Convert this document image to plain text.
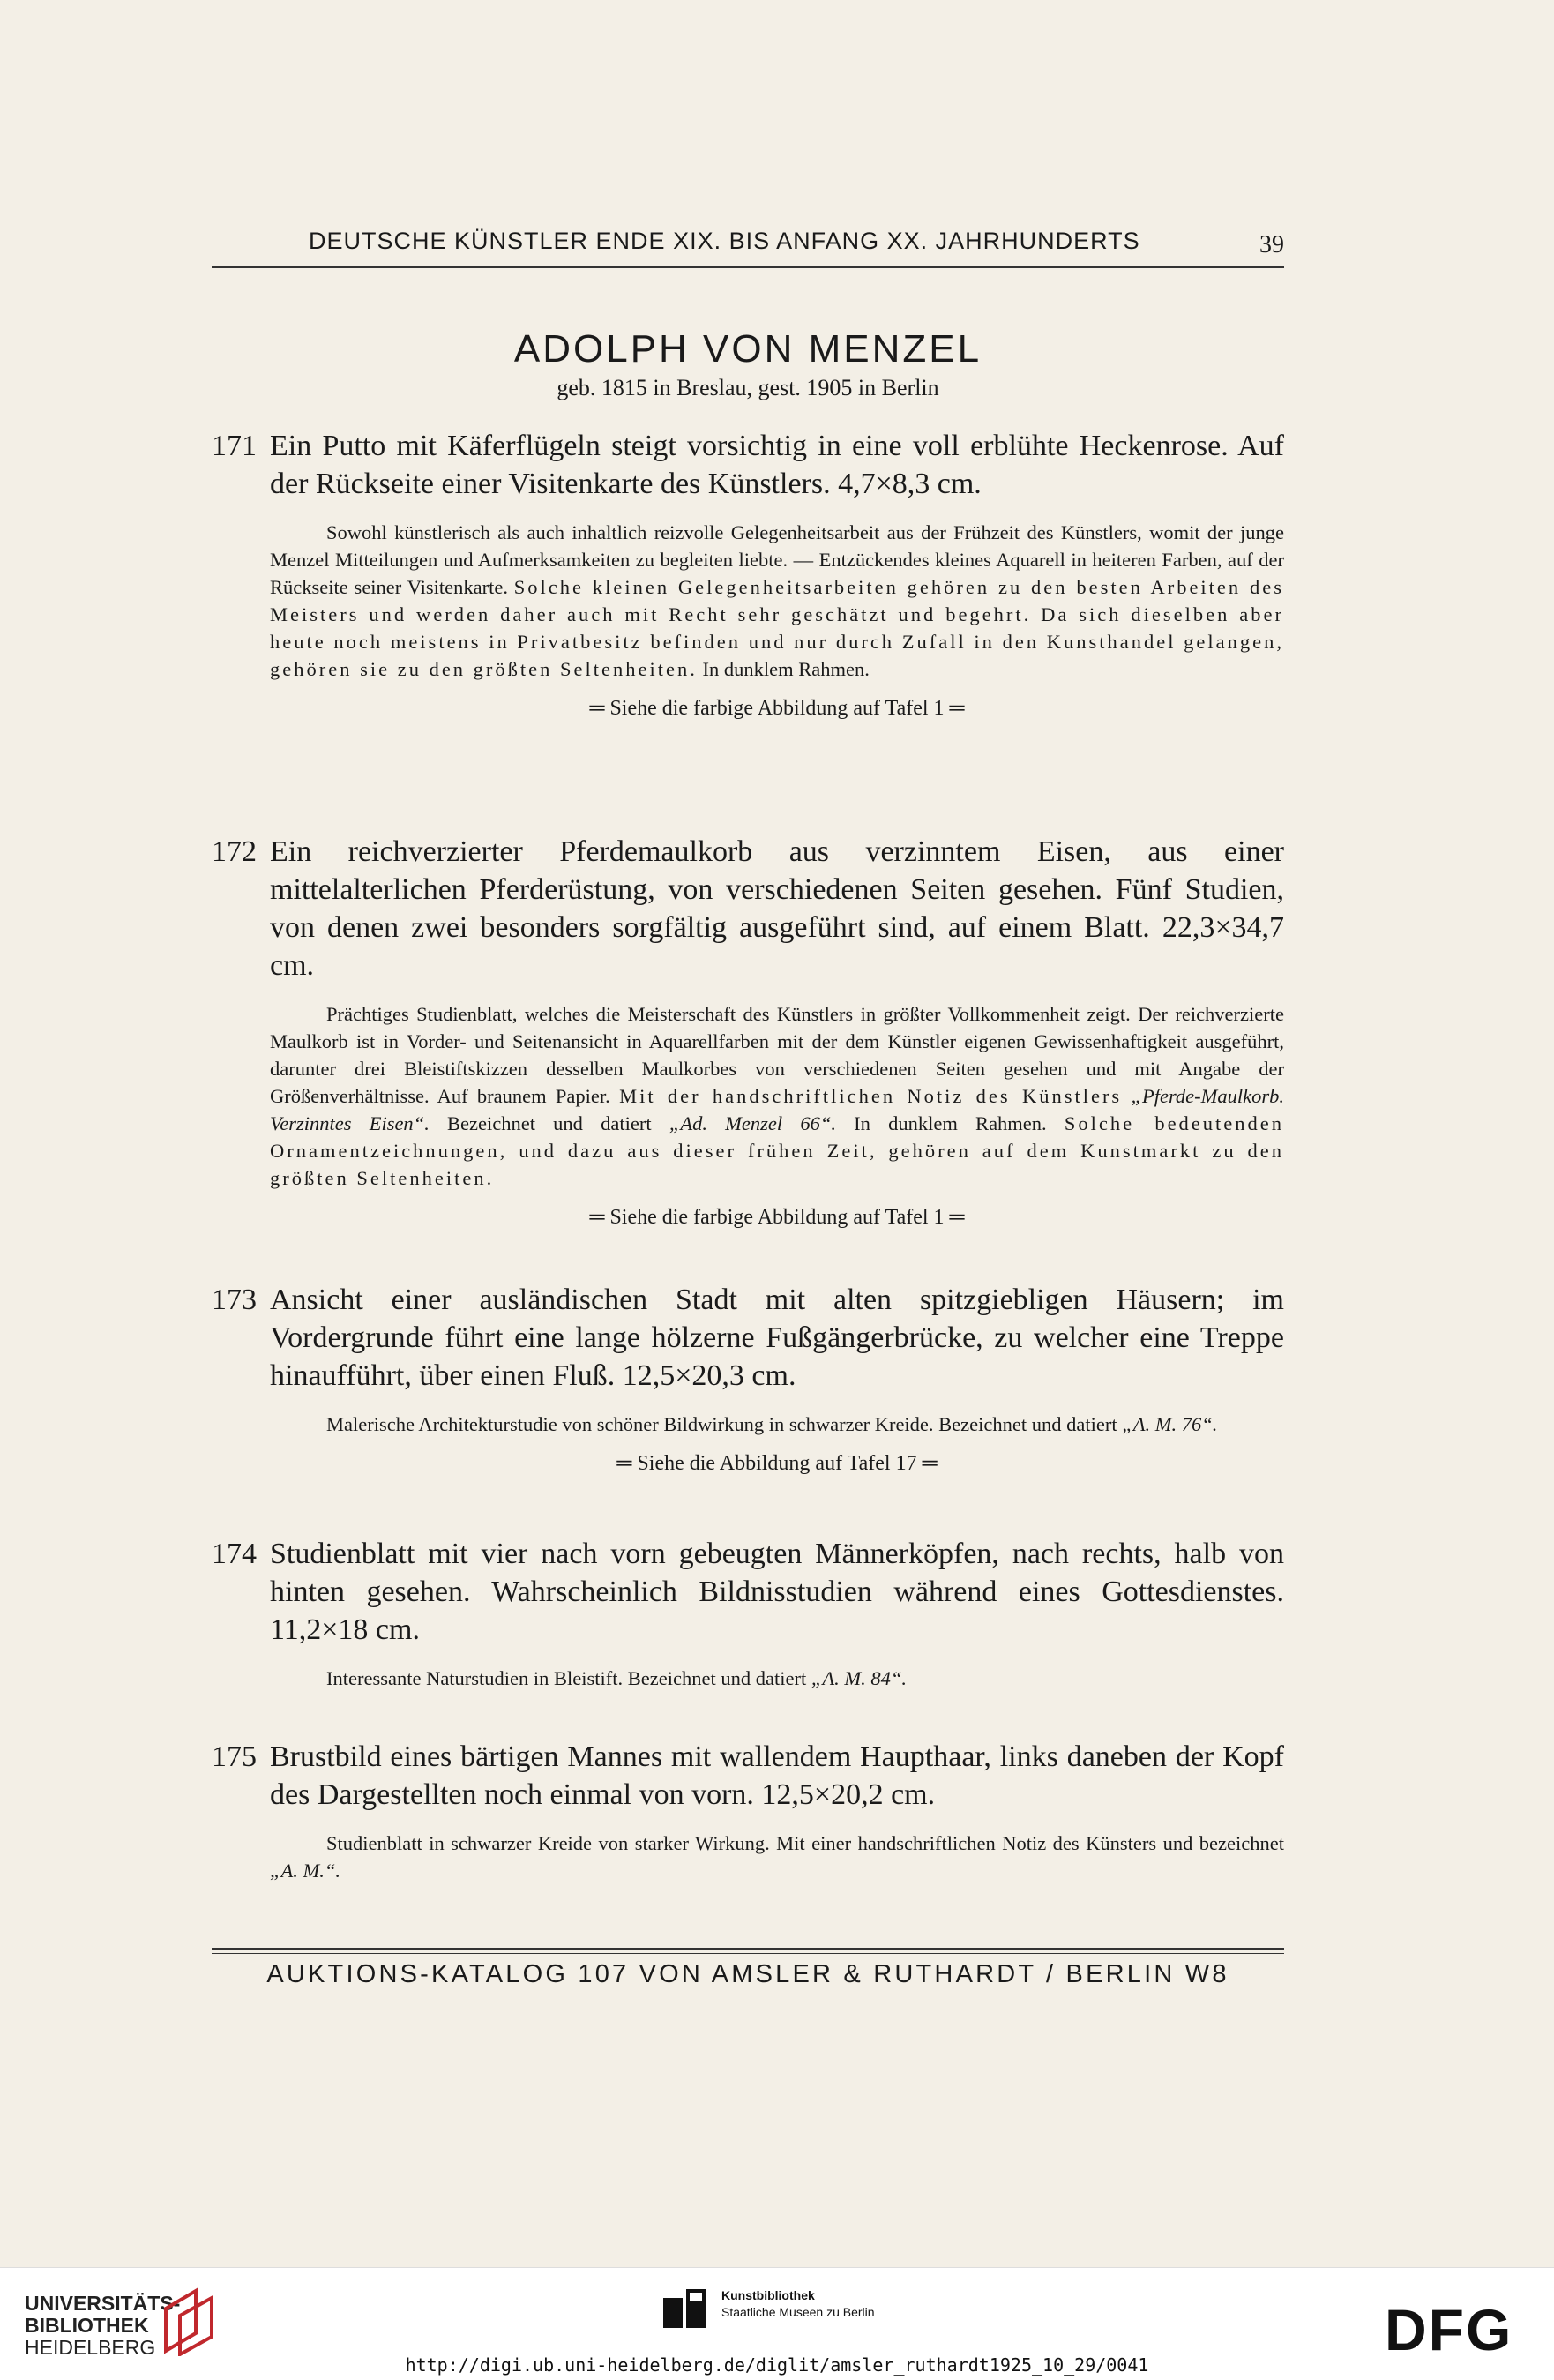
DEUTSCHE KÜNSTLER ENDE XIX. BIS ANFANG XX. JAHRHUNDERTS	39
ADOLPH VON MENZEL
geb. 1815 in Breslau, gest. 1905 in Berlin
171 Ein Putto mit Käferflügeln steigt vorsichtig in eine voll erblühte Heckenrose. Auf der Rückseite einer Visitenkarte des Künstlers. 4,7×8,3 cm.
Sowohl künstlerisch als auch inhaltlich reizvolle Gelegenheitsarbeit aus der Frühzeit des Künstlers, womit der junge Menzel Mitteilungen und Aufmerksamkeiten zu begleiten liebte. — Entzückendes kleines Aquarell in heiteren Farben, auf der Rückseite seiner Visitenkarte. Solche kleinen Gelegenheitsarbeiten gehören zu den besten Arbeiten des Meisters und werden daher auch mit Recht sehr geschätzt und begehrt. Da sich dieselben aber heute noch meistens in Privatbesitz befinden und nur durch Zufall in den Kunsthandel gelangen, gehören sie zu den größten Seltenheiten. In dunklem Rahmen.
═ Siehe die farbige Abbildung auf Tafel 1 ═
172 Ein reichverzierter Pferdemaulkorb aus verzinntem Eisen, aus einer mittelalterlichen Pferderüstung, von verschiedenen Seiten gesehen. Fünf Studien, von denen zwei besonders sorgfältig ausgeführt sind, auf einem Blatt. 22,3×34,7 cm.
Prächtiges Studienblatt, welches die Meisterschaft des Künstlers in größter Vollkommenheit zeigt. Der reichverzierte Maulkorb ist in Vorder- und Seitenansicht in Aquarellfarben mit der dem Künstler eigenen Gewissenhaftigkeit ausgeführt, darunter drei Bleistiftskizzen desselben Maulkorbes von verschiedenen Seiten gesehen und mit Angabe der Größenverhältnisse. Auf braunem Papier. Mit der handschriftlichen Notiz des Künstlers „Pferde-Maulkorb. Verzinntes Eisen“. Bezeichnet und datiert „Ad. Menzel 66“. In dunklem Rahmen. Solche bedeutenden Ornamentzeichnungen, und dazu aus dieser frühen Zeit, gehören auf dem Kunstmarkt zu den größten Seltenheiten.
═ Siehe die farbige Abbildung auf Tafel 1 ═
173 Ansicht einer ausländischen Stadt mit alten spitzgiebligen Häusern; im Vordergrunde führt eine lange hölzerne Fußgängerbrücke, zu welcher eine Treppe hinaufführt, über einen Fluß. 12,5×20,3 cm.
Malerische Architekturstudie von schöner Bildwirkung in schwarzer Kreide. Bezeichnet und datiert „A. M. 76“.
═ Siehe die Abbildung auf Tafel 17 ═
174 Studienblatt mit vier nach vorn gebeugten Männerköpfen, nach rechts, halb von hinten gesehen. Wahrscheinlich Bildnisstudien während eines Gottesdienstes. 11,2×18 cm.
Interessante Naturstudien in Bleistift. Bezeichnet und datiert „A. M. 84“.
175 Brustbild eines bärtigen Mannes mit wallendem Haupthaar, links daneben der Kopf des Dargestellten noch einmal von vorn. 12,5×20,2 cm.
Studienblatt in schwarzer Kreide von starker Wirkung. Mit einer handschriftlichen Notiz des Künsters und bezeichnet „A. M.“.
AUKTIONS-KATALOG 107 VON AMSLER & RUTHARDT / BERLIN W8
UNIVERSITÄTS-
BIBLIOTHEK
HEIDELBERG
Kunstbibliothek
Staatliche Museen zu Berlin	DFG
http://digi.ub.uni-heidelberg.de/diglit/amsler_ruthardt1925_10_29/0041
